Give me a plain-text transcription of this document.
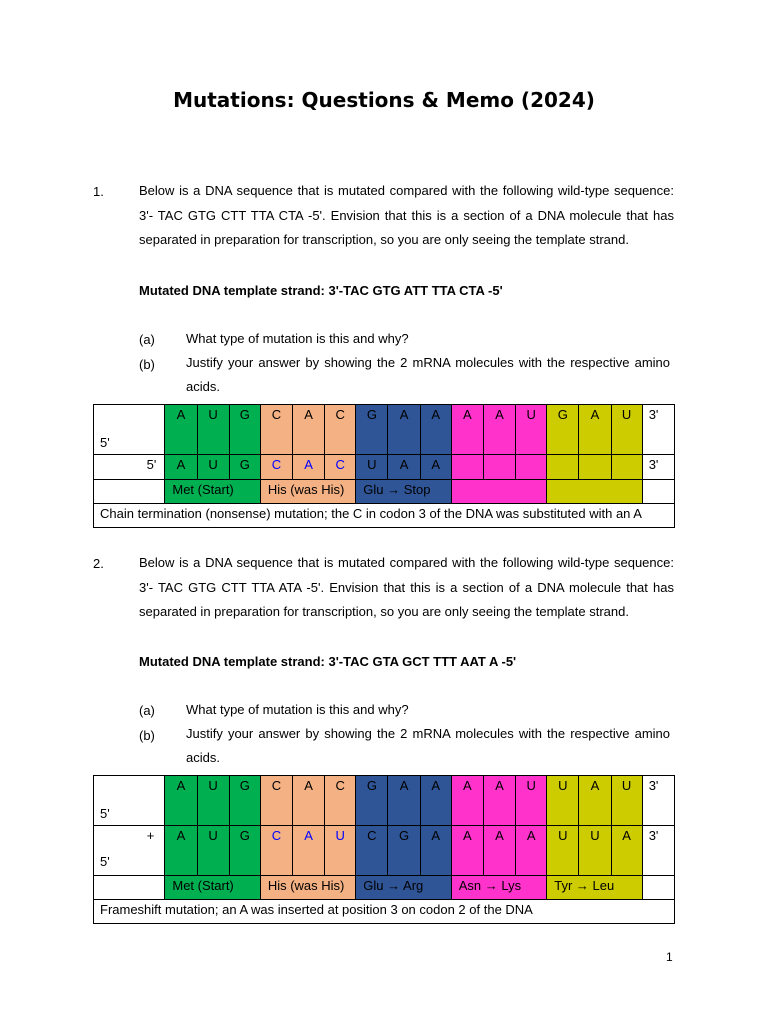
Mutations: Questions & Memo (2024)
1.	Below is a DNA sequence that is mutated compared with the following wild-type sequence:
3'- TAC GTG CTT TTA CTA -5'. Envision that this is a section of a DNA molecule that has
separated in preparation for transcription, so you are only seeing the template strand.
Mutated DNA template strand: 3'-TAC GTG ATT TTA CTA -5'
(a) What type of mutation is this and why?
(b) Justify your answer by showing the 2 mRNA molecules with the respective amino
acids.
5'	A	U	G	C	A	C	G	A	A	A	A	U	G	A	U	3'
5'	A	U	G	C	A	C	U	A	A							3'
	Met (Start)			His (was His)			Glu → Stop									
Chain termination (nonsense) mutation; the C in codon 3 of the DNA was substituted with an A																
2.	Below is a DNA sequence that is mutated compared with the following wild-type sequence:
3'- TAC GTG CTT TTA ATA -5'. Envision that this is a section of a DNA molecule that has
separated in preparation for transcription, so you are only seeing the template strand.
Mutated DNA template strand: 3'-TAC GTA GCT TTT AAT A -5'
(a) What type of mutation is this and why?
(b) Justify your answer by showing the 2 mRNA molecules with the respective amino
acids.
5'	A	U	G	C	A	C	G	A	A	A	A	U	U	A	U	3'

+
5'	A	U	G	C	A	U	C	G	A	A	A	A	U	U	A	3'
	Met (Start)			His (was His)			Glu → Arg			Asn → Lys			Tyr → Leu			
Frameshift mutation; an A was inserted at position 3 on codon 2 of the DNA																
1
